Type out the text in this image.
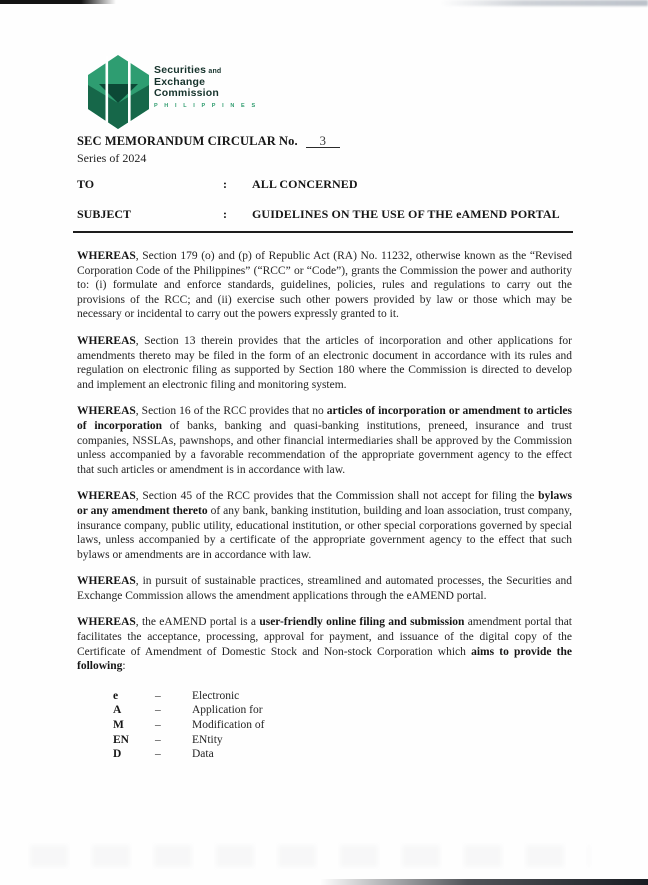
Securities and
Exchange
Commission
P H I L I P P I N E S
SEC MEMORANDUM CIRCULAR No. 3
Series of 2024
TO	:	ALL CONCERNED
SUBJECT	:	GUIDELINES ON THE USE OF THE eAMEND PORTAL

WHEREAS, Section 179 (o) and (p) of Republic Act (RA) No. 11232, otherwise known as the “Revised Corporation Code of the Philippines” (“RCC” or “Code”), grants the Commission the power and authority to: (i) formulate and enforce standards, guidelines, policies, rules and regulations to carry out the provisions of the RCC; and (ii) exercise such other powers provided by law or those which may be necessary or incidental to carry out the powers expressly granted to it.

WHEREAS, Section 13 therein provides that the articles of incorporation and other applications for amendments thereto may be filed in the form of an electronic document in accordance with its rules and regulation on electronic filing as supported by Section 180 where the Commission is directed to develop and implement an electronic filing and monitoring system.

WHEREAS, Section 16 of the RCC provides that no articles of incorporation or amendment to articles of incorporation of banks, banking and quasi-banking institutions, preneed, insurance and trust companies, NSSLAs, pawnshops, and other financial intermediaries shall be approved by the Commission unless accompanied by a favorable recommendation of the appropriate government agency to the effect that such articles or amendment is in accordance with law.

WHEREAS, Section 45 of the RCC provides that the Commission shall not accept for filing the bylaws or any amendment thereto of any bank, banking institution, building and loan association, trust company, insurance company, public utility, educational institution, or other special corporations governed by special laws, unless accompanied by a certificate of the appropriate government agency to the effect that such bylaws or amendments are in accordance with law.

WHEREAS, in pursuit of sustainable practices, streamlined and automated processes, the Securities and Exchange Commission allows the amendment applications through the eAMEND portal.

WHEREAS, the eAMEND portal is a user-friendly online filing and submission amendment portal that facilitates the acceptance, processing, approval for payment, and issuance of the digital copy of the Certificate of Amendment of Domestic Stock and Non-stock Corporation which aims to provide the following:

e	–	Electronic
A	–	Application for
M	–	Modification of
EN	–	ENtity
D	–	Data
